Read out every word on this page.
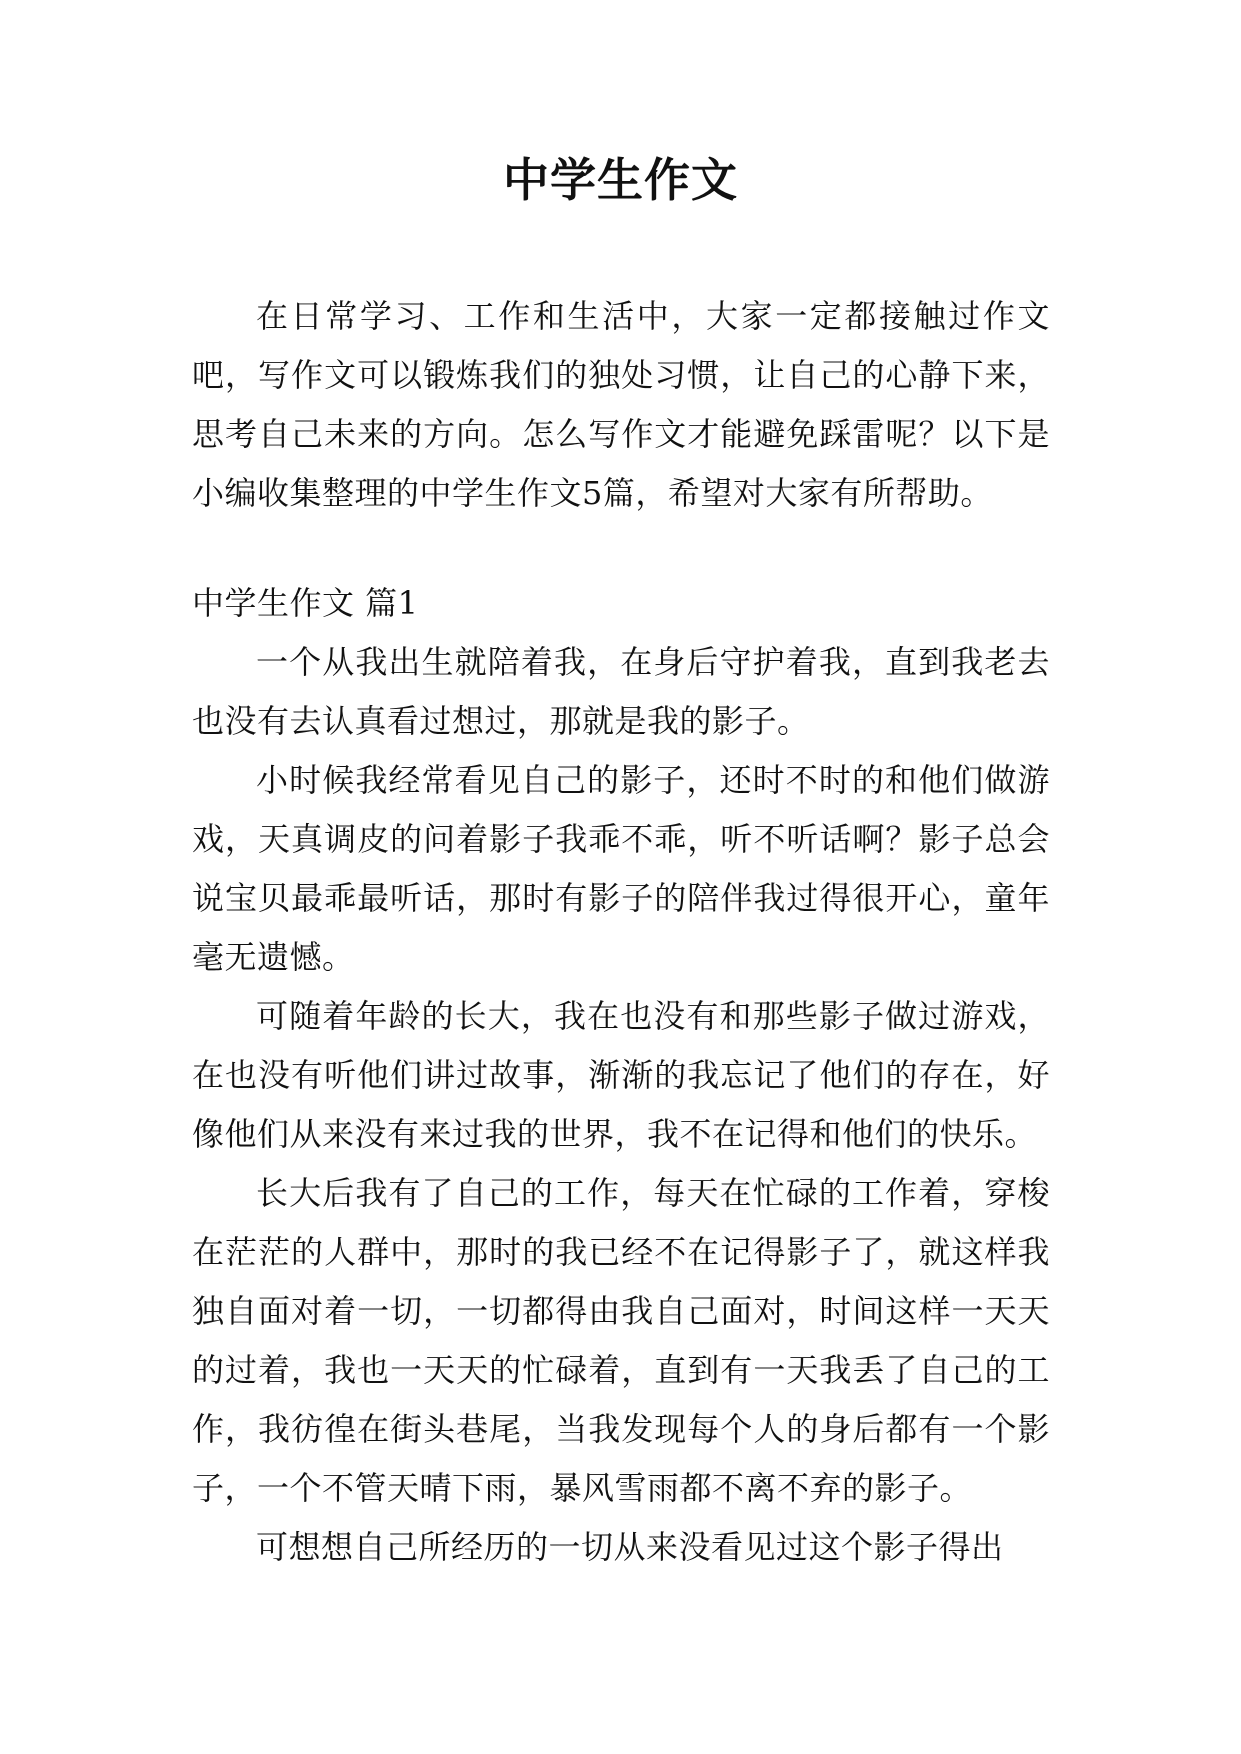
中学生作文

在日常学习、工作和生活中，大家一定都接触过作文吧，写作文可以锻炼我们的独处习惯，让自己的心静下来，思考自己未来的方向。怎么写作文才能避免踩雷呢？以下是小编收集整理的中学生作文5篇，希望对大家有所帮助。

中学生作文 篇1

一个从我出生就陪着我，在身后守护着我，直到我老去也没有去认真看过想过，那就是我的影子。

小时候我经常看见自己的影子，还时不时的和他们做游戏，天真调皮的问着影子我乖不乖，听不听话啊？影子总会说宝贝最乖最听话，那时有影子的陪伴我过得很开心，童年毫无遗憾。

可随着年龄的长大，我在也没有和那些影子做过游戏，在也没有听他们讲过故事，渐渐的我忘记了他们的存在，好像他们从来没有来过我的世界，我不在记得和他们的快乐。

长大后我有了自己的工作，每天在忙碌的工作着，穿梭在茫茫的人群中，那时的我已经不在记得影子了，就这样我独自面对着一切，一切都得由我自己面对，时间这样一天天的过着，我也一天天的忙碌着，直到有一天我丢了自己的工作，我彷徨在街头巷尾，当我发现每个人的身后都有一个影子，一个不管天晴下雨，暴风雪雨都不离不弃的影子。

可想想自己所经历的一切从来没看见过这个影子得出
